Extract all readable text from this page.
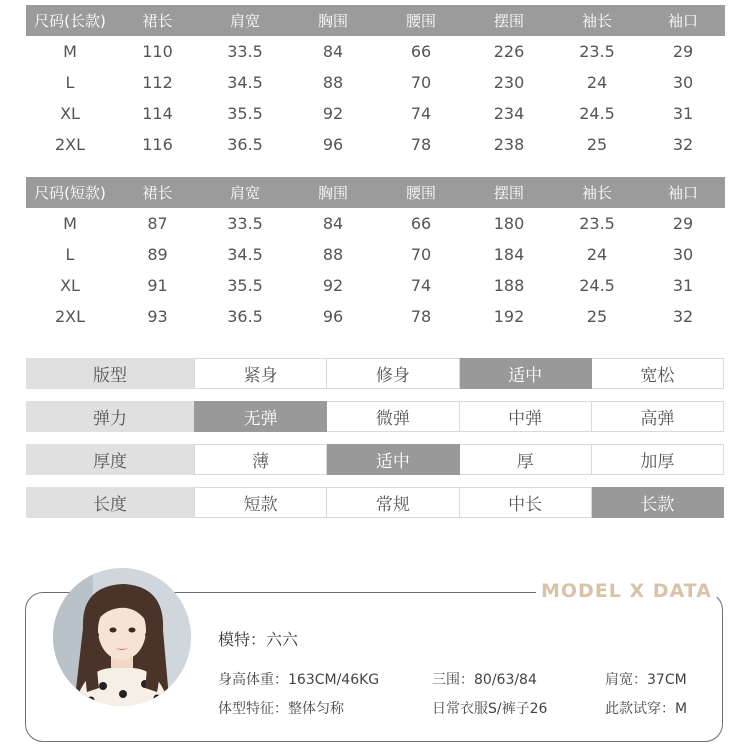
尺码(长款)	裙长	肩宽	胸围	腰围	摆围	袖长	袖口
M	110	33.5	84	66	226	23.5	29
L	112	34.5	88	70	230	24	30
XL	114	35.5	92	74	234	24.5	31
2XL	116	36.5	96	78	238	25	32
尺码(短款)	裙长	肩宽	胸围	腰围	摆围	袖长	袖口
M	87	33.5	84	66	180	23.5	29
L	89	34.5	88	70	184	24	30
XL	91	35.5	92	74	188	24.5	31
2XL	93	36.5	96	78	192	25	32
版型	紧身	修身	适中	宽松
弹力	无弹	微弹	中弹	高弹
厚度	薄	适中	厚	加厚
长度	短款	常规	中长	长款
MODEL X DATA
模特：六六
身高体重：163CM/46KG	三围：80/63/84	肩宽：37CM
体型特征：整体匀称	日常衣服S/裤子26	此款试穿：M
